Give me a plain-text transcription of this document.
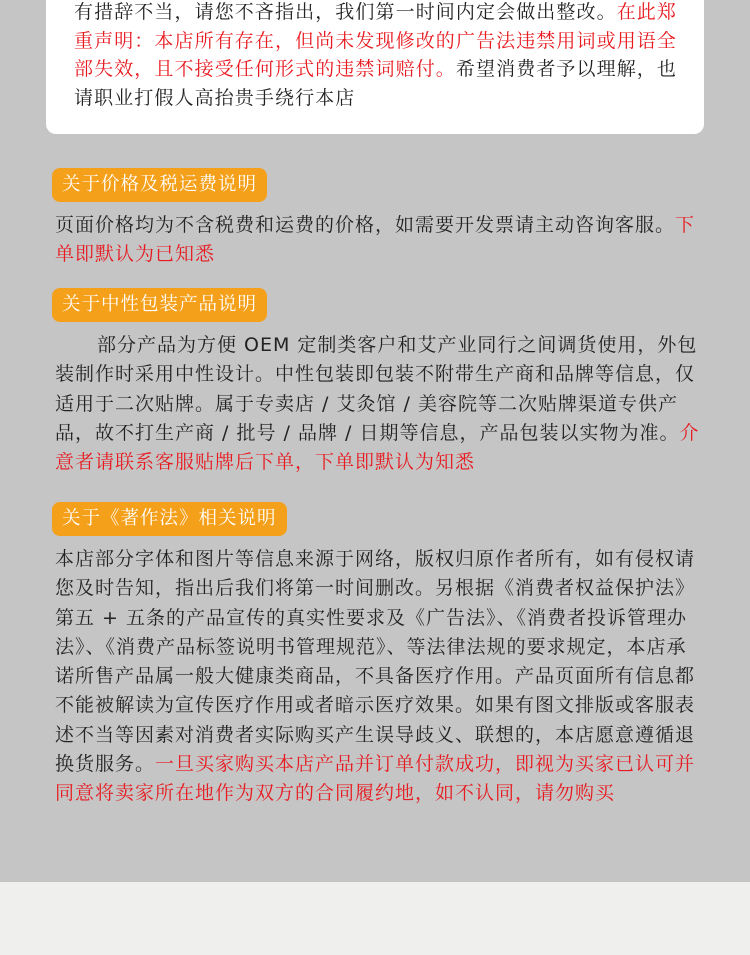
有措辞不当，请您不吝指出，我们第一时间内定会做出整改。在此郑重声明：本店所有存在，但尚未发现修改的广告法违禁用词或用语全部失效，且不接受任何形式的违禁词赔付。希望消费者予以理解，也请职业打假人高抬贵手绕行本店

关于价格及税运费说明

页面价格均为不含税费和运费的价格，如需要开发票请主动咨询客服。下单即默认为已知悉

关于中性包装产品说明

部分产品为方便 OEM 定制类客户和艾产业同行之间调货使用，外包装制作时采用中性设计。中性包装即包装不附带生产商和品牌等信息，仅适用于二次贴牌。属于专卖店 / 艾灸馆 / 美容院等二次贴牌渠道专供产品，故不打生产商 / 批号 / 品牌 / 日期等信息，产品包装以实物为准。介意者请联系客服贴牌后下单，下单即默认为知悉

关于《著作法》相关说明

本店部分字体和图片等信息来源于网络，版权归原作者所有，如有侵权请您及时告知，指出后我们将第一时间删改。另根据《消费者权益保护法》第五 + 五条的产品宣传的真实性要求及《广告法》、《消费者投诉管理办法》、《消费产品标签说明书管理规范》、等法律法规的要求规定，本店承诺所售产品属一般大健康类商品，不具备医疗作用。产品页面所有信息都不能被解读为宣传医疗作用或者暗示医疗效果。如果有图文排版或客服表述不当等因素对消费者实际购买产生误导歧义、联想的，本店愿意遵循退换货服务。一旦买家购买本店产品并订单付款成功，即视为买家已认可并同意将卖家所在地作为双方的合同履约地，如不认同，请勿购买
